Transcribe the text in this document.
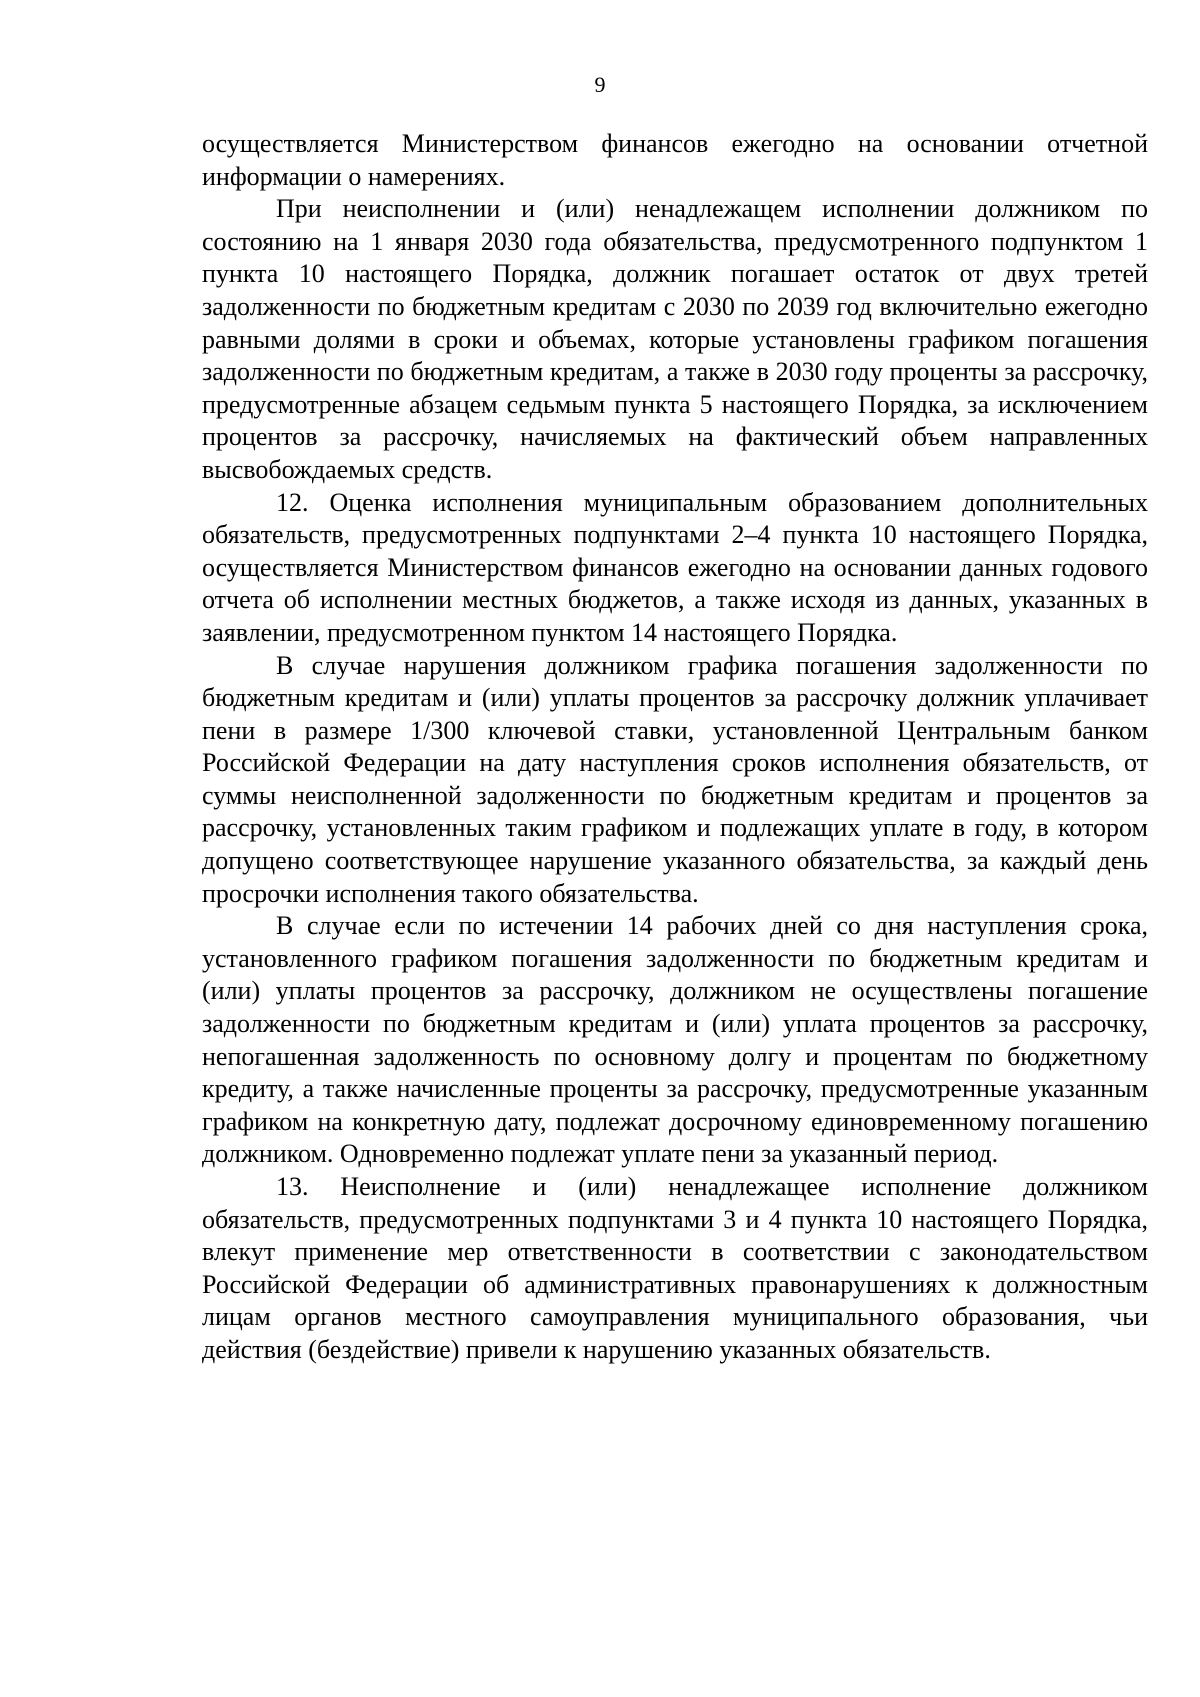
9

осуществляется Министерством финансов ежегодно на основании отчетной информации о намерениях.

При неисполнении и (или) ненадлежащем исполнении должником по состоянию на 1 января 2030 года обязательства, предусмотренного подпунктом 1 пункта 10 настоящего Порядка, должник погашает остаток от двух третей задолженности по бюджетным кредитам с 2030 по 2039 год включительно ежегодно равными долями в сроки и объемах, которые установлены графиком погашения задолженности по бюджетным кредитам, а также в 2030 году проценты за рассрочку, предусмотренные абзацем седьмым пункта 5 настоящего Порядка, за исключением процентов за рассрочку, начисляемых на фактический объем направленных высвобождаемых средств.

12. Оценка исполнения муниципальным образованием дополнительных обязательств, предусмотренных подпунктами 2–4 пункта 10 настоящего Порядка, осуществляется Министерством финансов ежегодно на основании данных годового отчета об исполнении местных бюджетов, а также исходя из данных, указанных в заявлении, предусмотренном пунктом 14 настоящего Порядка.

В случае нарушения должником графика погашения задолженности по бюджетным кредитам и (или) уплаты процентов за рассрочку должник уплачивает пени в размере 1/300 ключевой ставки, установленной Центральным банком Российской Федерации на дату наступления сроков исполнения обязательств, от суммы неисполненной задолженности по бюджетным кредитам и процентов за рассрочку, установленных таким графиком и подлежащих уплате в году, в котором допущено соответствующее нарушение указанного обязательства, за каждый день просрочки исполнения такого обязательства.

В случае если по истечении 14 рабочих дней со дня наступления срока, установленного графиком погашения задолженности по бюджетным кредитам и (или) уплаты процентов за рассрочку, должником не осуществлены погашение задолженности по бюджетным кредитам и (или) уплата процентов за рассрочку, непогашенная задолженность по основному долгу и процентам по бюджетному кредиту, а также начисленные проценты за рассрочку, предусмотренные указанным графиком на конкретную дату, подлежат досрочному единовременному погашению должником. Одновременно подлежат уплате пени за указанный период.

13. Неисполнение и (или) ненадлежащее исполнение должником обязательств, предусмотренных подпунктами 3 и 4 пункта 10 настоящего Порядка, влекут применение мер ответственности в соответствии с законодательством Российской Федерации об административных правонарушениях к должностным лицам органов местного самоуправления муниципального образования, чьи действия (бездействие) привели к нарушению указанных обязательств.
